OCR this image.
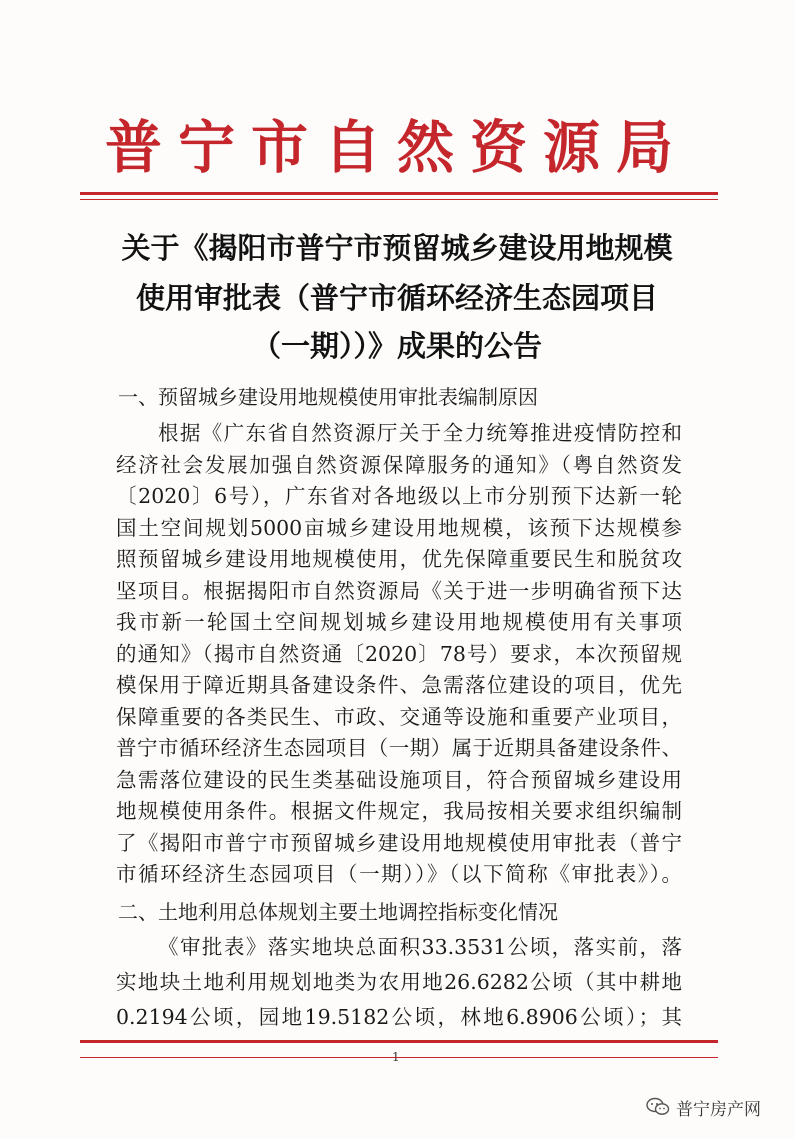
普宁市自然资源局
关于《揭阳市普宁市预留城乡建设用地规模
使用审批表（普宁市循环经济生态园项目
（一期））》成果的公告
一、预留城乡建设用地规模使用审批表编制原因
根据《广东省自然资源厅关于全力统筹推进疫情防控和
经济社会发展加强自然资源保障服务的通知》（粤自然资发
〔2020〕6号），广东省对各地级以上市分别预下达新一轮
国土空间规划5000亩城乡建设用地规模，该预下达规模参
照预留城乡建设用地规模使用，优先保障重要民生和脱贫攻
坚项目。根据揭阳市自然资源局《关于进一步明确省预下达
我市新一轮国土空间规划城乡建设用地规模使用有关事项
的通知》（揭市自然资通〔2020〕78号）要求，本次预留规
模保用于障近期具备建设条件、急需落位建设的项目，优先
保障重要的各类民生、市政、交通等设施和重要产业项目，
普宁市循环经济生态园项目（一期）属于近期具备建设条件、
急需落位建设的民生类基础设施项目，符合预留城乡建设用
地规模使用条件。根据文件规定，我局按相关要求组织编制
了《揭阳市普宁市预留城乡建设用地规模使用审批表（普宁
市循环经济生态园项目（一期））》（以下简称《审批表》）。
二、土地利用总体规划主要土地调控指标变化情况
《审批表》落实地块总面积33.3531公顷，落实前，落
实地块土地利用规划地类为农用地26.6282公顷（其中耕地
0.2194公顷，园地19.5182公顷，林地6.8906公顷）；其
普宁房产网
